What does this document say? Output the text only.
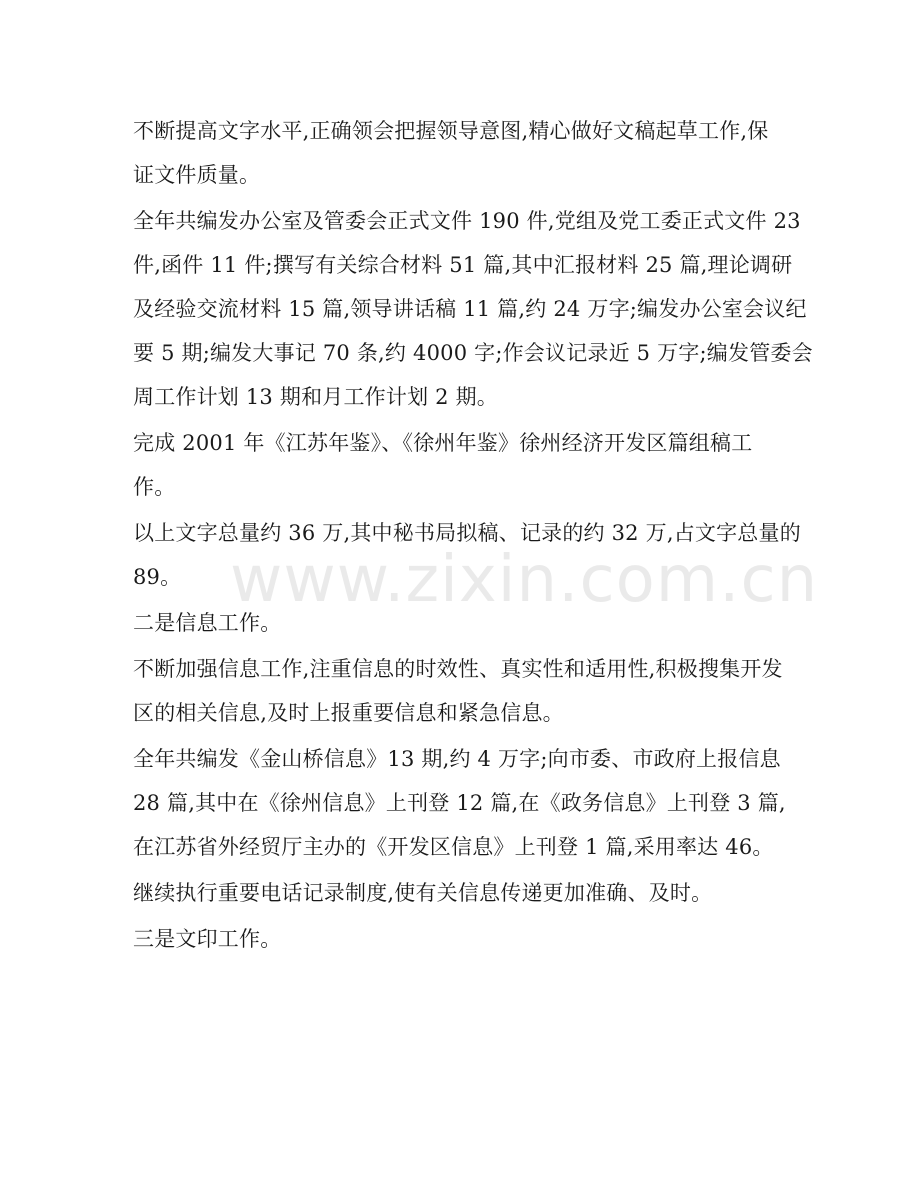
不断提高文字水平,正确领会把握领导意图,精心做好文稿起草工作,保
证文件质量。
全年共编发办公室及管委会正式文件 190 件,党组及党工委正式文件 23
件,函件 11 件;撰写有关综合材料 51 篇,其中汇报材料 25 篇,理论调研
及经验交流材料 15 篇,领导讲话稿 11 篇,约 24 万字;编发办公室会议纪
要 5 期;编发大事记 70 条,约 4000 字;作会议记录近 5 万字;编发管委会
周工作计划 13 期和月工作计划 2 期。
完成 2001 年《江苏年鉴》、《徐州年鉴》徐州经济开发区篇组稿工
作。
以上文字总量约 36 万,其中秘书局拟稿、记录的约 32 万,占文字总量的
89。
二是信息工作。
不断加强信息工作,注重信息的时效性、真实性和适用性,积极搜集开发
区的相关信息,及时上报重要信息和紧急信息。
全年共编发《金山桥信息》13 期,约 4 万字;向市委、市政府上报信息
28 篇,其中在《徐州信息》上刊登 12 篇,在《政务信息》上刊登 3 篇,
在江苏省外经贸厅主办的《开发区信息》上刊登 1 篇,采用率达 46。
继续执行重要电话记录制度,使有关信息传递更加准确、及时。
三是文印工作。
www.zixin.com.cn
